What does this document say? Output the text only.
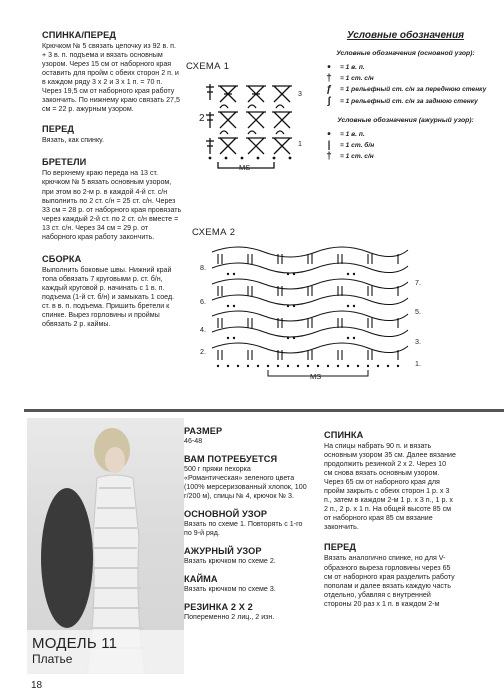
СПИНКА/ПЕРЕД
Крючком № 5 связать цепочку из 92 в. п. + 3 в. п. подъема и вязать основным узором. Через 15 см от наборного края оставить для пройм с обеих сторон 2 п. и в каждом ряду 3 x 2 и 3 x 1 п. = 70 п. Через 19,5 см от наборного края работу закончить. По нижнему краю связать 27,5 см = 22 р. ажурным узором.
ПЕРЕД
Вязать, как спинку.
БРЕТЕЛИ
По верхнему краю переда на 13 ст. крючком № 5 вязать основным узором, при этом во 2-м р. в каждой 4-й ст. с/н выполнить по 2 ст. с/н = 25 ст. с/н. Через 33 см = 28 р. от наборного края провязать через каждый 2-й ст. по 2 ст. с/н вместе = 13 ст. с/н. Через 34 см = 29 р. от наборного края работу закончить.
СБОРКА
Выполнить боковые швы. Нижний край топа обвязать 7 круговыми р. ст. б/н, каждый круговой р. начинать с 1 в. п. подъема (1-й ст. б/н) и замыкать 1 соед. ст. в в. п. подъема. Пришить бретели к спинке. Вырез горловины и проймы обвязать 2 р. каймы.
СХЕМА 1
3
2
1
MS
Условные обозначения
Условные обозначения (основной узор):
•	= 1 в. п.
†	= 1 ст. с/н
ƒ	= 1 рельефный ст. с/н за переднюю стенку
ʃ	= 1 рельефный ст. с/н за заднюю стенку
Условные обозначения (ажурный узор):
•	= 1 в. п.
|	= 1 ст. б/н
†	= 1 ст. с/н
СХЕМА 2
8.
7.
6.
5.
4.
3.
2.
1.
MS
МОДЕЛЬ 11
Платье
РАЗМЕР
46-48
ВАМ ПОТРЕБУЕТСЯ
500 г пряжи пехорка «Романтическая» зеленого цвета (100% мерсеризованный хлопок, 100 г/200 м), спицы № 4, крючок № 3.
ОСНОВНОЙ УЗОР
Вязать по схеме 1. Повторять с 1-го по 9-й ряд.
АЖУРНЫЙ УЗОР
Вязать крючком по схеме 2.
КАЙМА
Вязать крючком по схеме 3.
РЕЗИНКА 2 Х 2
Попеременно 2 лиц., 2 изн.
СПИНКА
На спицы набрать 90 п. и вязать основным узором 35 см. Далее вязание продолжить резинкой 2 х 2. Через 10 см снова вязать основным узором. Через 65 см от наборного края для пройм закрыть с обеих сторон 1 р. х 3 п., затем в каждом 2-м 1 р. х 3 п., 1 р. х 2 п., 2 р. х 1 п. На общей высоте 85 см от наборного края 85 см вязание закончить.
ПЕРЕД
Вязать аналогично спинке, но для V-образного выреза горловины через 65 см от наборного края разделить работу пополам и далее вязать каждую часть отдельно, убавляя с внутренней стороны 20 раз х 1 п. в каждом 2-м
18
